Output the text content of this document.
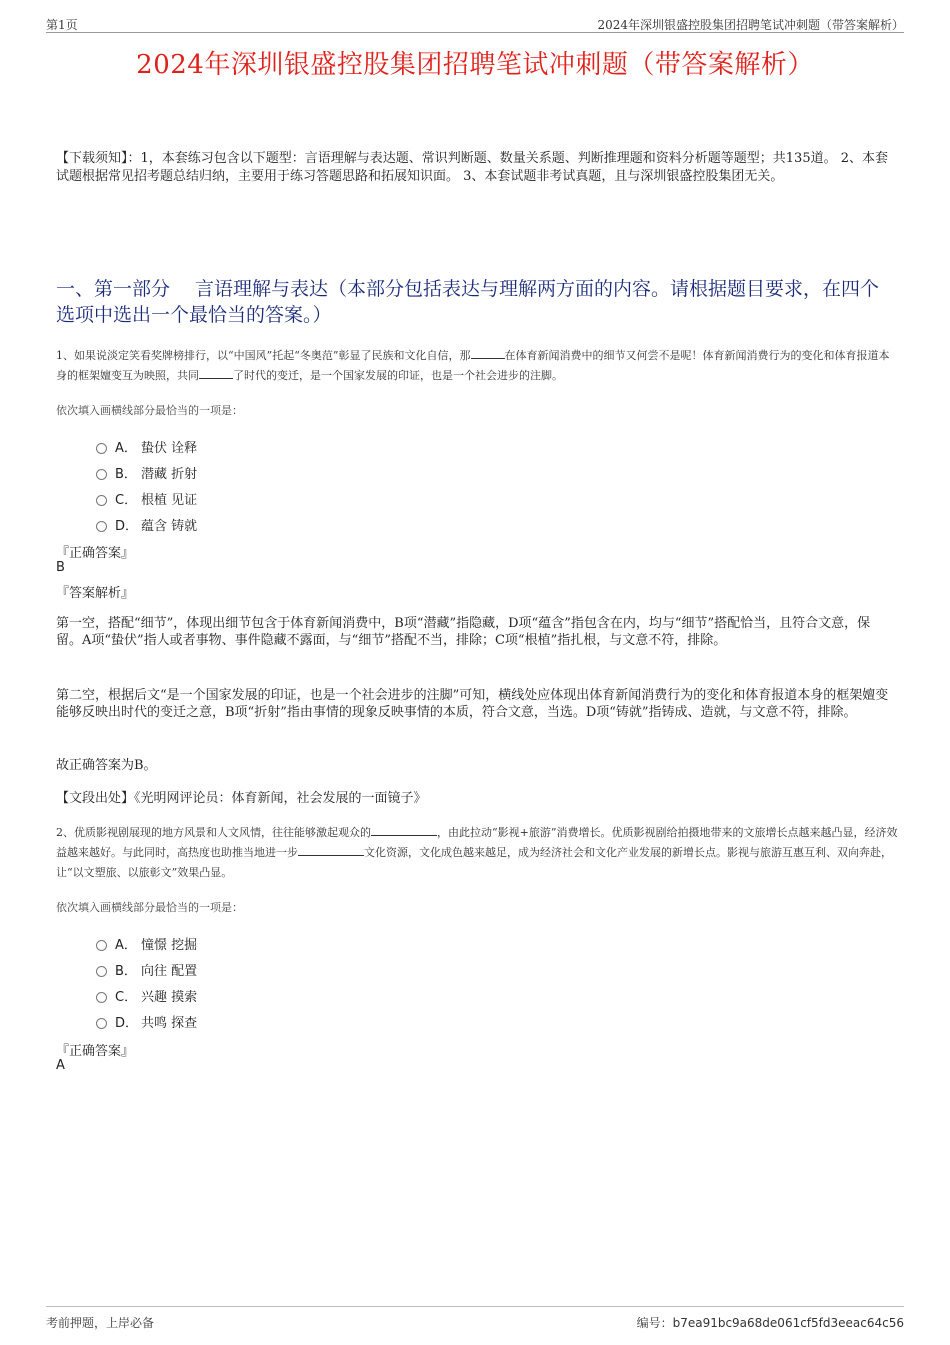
第1页	2024年深圳银盛控股集团招聘笔试冲刺题（带答案解析）
2024年深圳银盛控股集团招聘笔试冲刺题（带答案解析）
【下载须知】：1，本套练习包含以下题型：言语理解与表达题、常识判断题、数量关系题、判断推理题和资料分析题等题型；共135道。 2、本套试题根据常见招考题总结归纳，主要用于练习答题思路和拓展知识面。 3、本套试题非考试真题，且与深圳银盛控股集团无关。
一、第一部分　 言语理解与表达（本部分包括表达与理解两方面的内容。请根据题目要求，在四个选项中选出一个最恰当的答案。）
1、如果说淡定笑看奖牌榜排行，以“中国风”托起“冬奥范”彰显了民族和文化自信，那	在体育新闻消费中的细节又何尝不是呢！体育新闻消费行为的变化和体育报道本身的框架嬗变互为映照，共同	了时代的变迁，是一个国家发展的印证，也是一个社会进步的注脚。
依次填入画横线部分最恰当的一项是：
A． 蛰伏 诠释
B． 潜藏 折射
C． 根植 见证
D． 蕴含 铸就
『正确答案』
B
『答案解析』
第一空，搭配“细节”，体现出细节包含于体育新闻消费中，B项“潜藏”指隐藏，D项“蕴含”指包含在内，均与“细节”搭配恰当，且符合文意，保留。A项“蛰伏”指人或者事物、事件隐藏不露面，与“细节”搭配不当，排除；C项“根植”指扎根，与文意不符，排除。
第二空，根据后文“是一个国家发展的印证，也是一个社会进步的注脚”可知，横线处应体现出体育新闻消费行为的变化和体育报道本身的框架嬗变能够反映出时代的变迁之意，B项“折射”指由事情的现象反映事情的本质，符合文意，当选。D项“铸就”指铸成、造就，与文意不符，排除。
故正确答案为B。
【文段出处】《光明网评论员：体育新闻，社会发展的一面镜子》
2、优质影视剧展现的地方风景和人文风情，往往能够激起观众的	，由此拉动“影视+旅游”消费增长。优质影视剧给拍摄地带来的文旅增长点越来越凸显，经济效益越来越好。与此同时，高热度也助推当地进一步	文化资源，文化成色越来越足，成为经济社会和文化产业发展的新增长点。影视与旅游互惠互利、双向奔赴，让“以文塑旅、以旅彰文”效果凸显。
依次填入画横线部分最恰当的一项是：
A． 憧憬 挖掘
B． 向往 配置
C． 兴趣 摸索
D． 共鸣 探查
『正确答案』
A
考前押题，上岸必备	编号：b7ea91bc9a68de061cf5fd3eeac64c56
